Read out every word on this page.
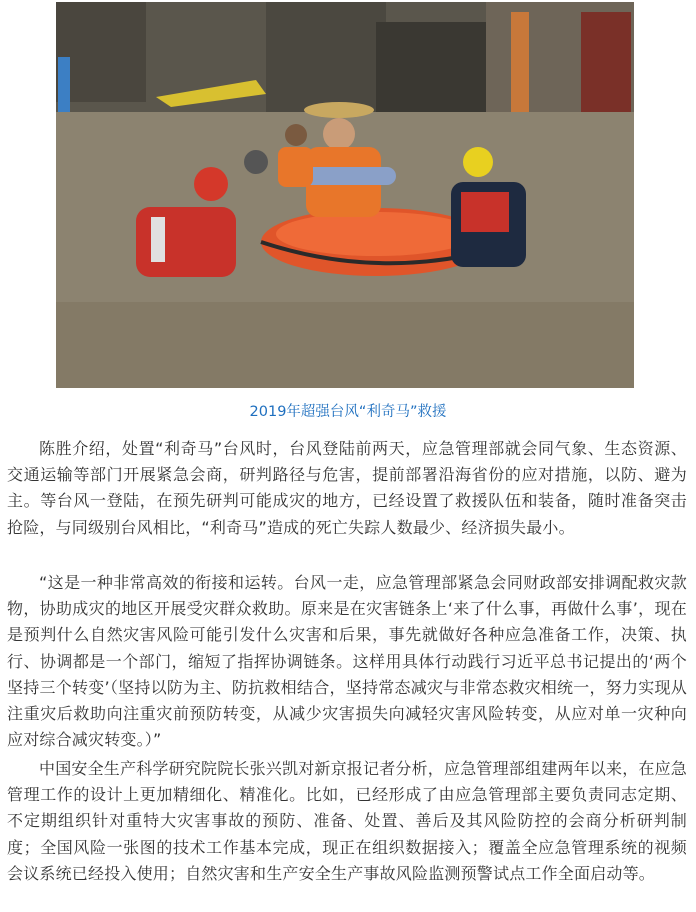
2019年超强台风“利奇马”救援

陈胜介绍，处置“利奇马”台风时，台风登陆前两天，应急管理部就会同气象、生态资源、交通运输等部门开展紧急会商，研判路径与危害，提前部署沿海省份的应对措施，以防、避为主。等台风一登陆，在预先研判可能成灾的地方，已经设置了救援队伍和装备，随时准备突击抢险，与同级别台风相比，“利奇马”造成的死亡失踪人数最少、经济损失最小。

“这是一种非常高效的衔接和运转。台风一走，应急管理部紧急会同财政部安排调配救灾款物，协助成灾的地区开展受灾群众救助。原来是在灾害链条上‘来了什么事，再做什么事’，现在是预判什么自然灾害风险可能引发什么灾害和后果，事先就做好各种应急准备工作，决策、执行、协调都是一个部门，缩短了指挥协调链条。这样用具体行动践行习近平总书记提出的‘两个坚持三个转变’（坚持以防为主、防抗救相结合，坚持常态减灾与非常态救灾相统一，努力实现从注重灾后救助向注重灾前预防转变，从减少灾害损失向减轻灾害风险转变，从应对单一灾种向应对综合减灾转变。）”

中国安全生产科学研究院院长张兴凯对新京报记者分析，应急管理部组建两年以来，在应急管理工作的设计上更加精细化、精准化。比如，已经形成了由应急管理部主要负责同志定期、不定期组织针对重特大灾害事故的预防、准备、处置、善后及其风险防控的会商分析研判制度；全国风险一张图的技术工作基本完成，现正在组织数据接入；覆盖全应急管理系统的视频会议系统已经投入使用；自然灾害和生产安全生产事故风险监测预警试点工作全面启动等。
